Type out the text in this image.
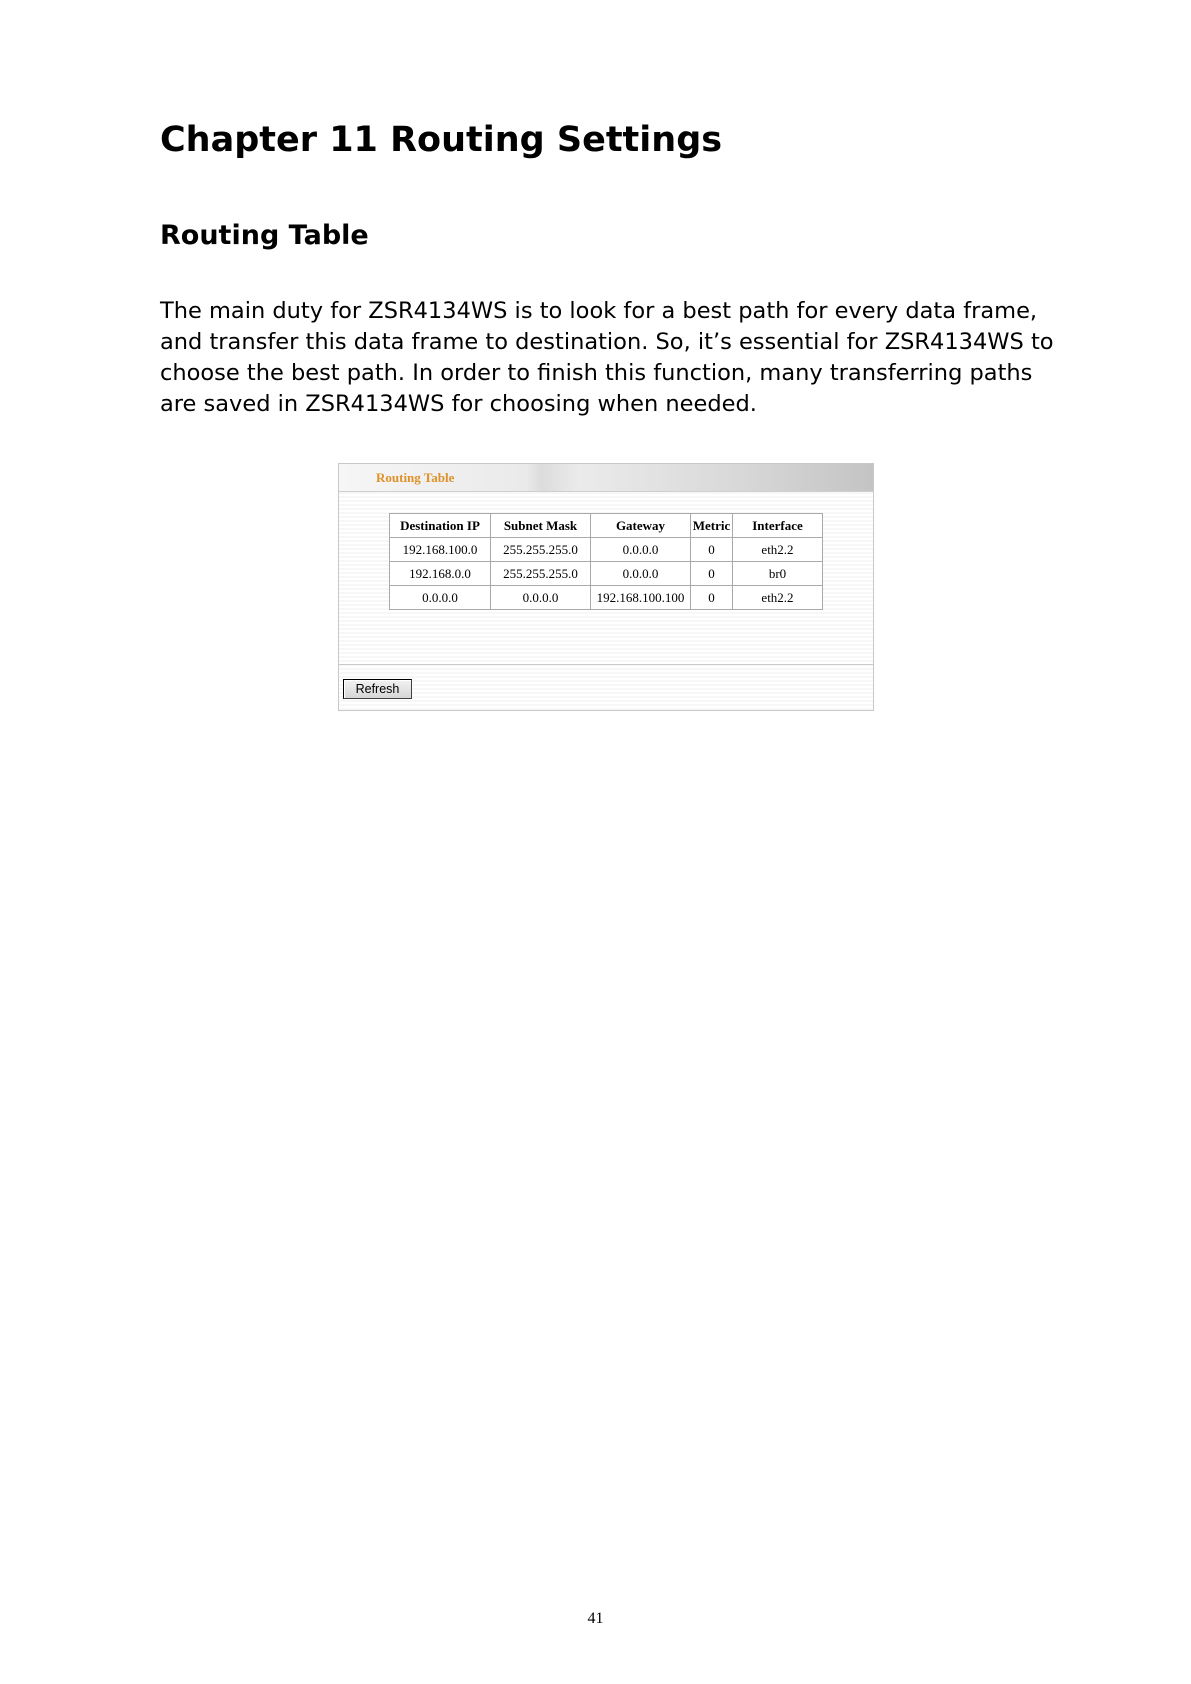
Chapter 11 Routing Settings
Routing Table

The main duty for ZSR4134WS is to look for a best path for every data frame,
and transfer this data frame to destination. So, it’s essential for ZSR4134WS to
choose the best path. In order to finish this function, many transferring paths
are saved in ZSR4134WS for choosing when needed.

Routing Table
Destination IP	Subnet Mask	Gateway	Metric	Interface
192.168.100.0	255.255.255.0	0.0.0.0	0	eth2.2
192.168.0.0	255.255.255.0	0.0.0.0	0	br0
0.0.0.0	0.0.0.0	192.168.100.100	0	eth2.2
Refresh
41
